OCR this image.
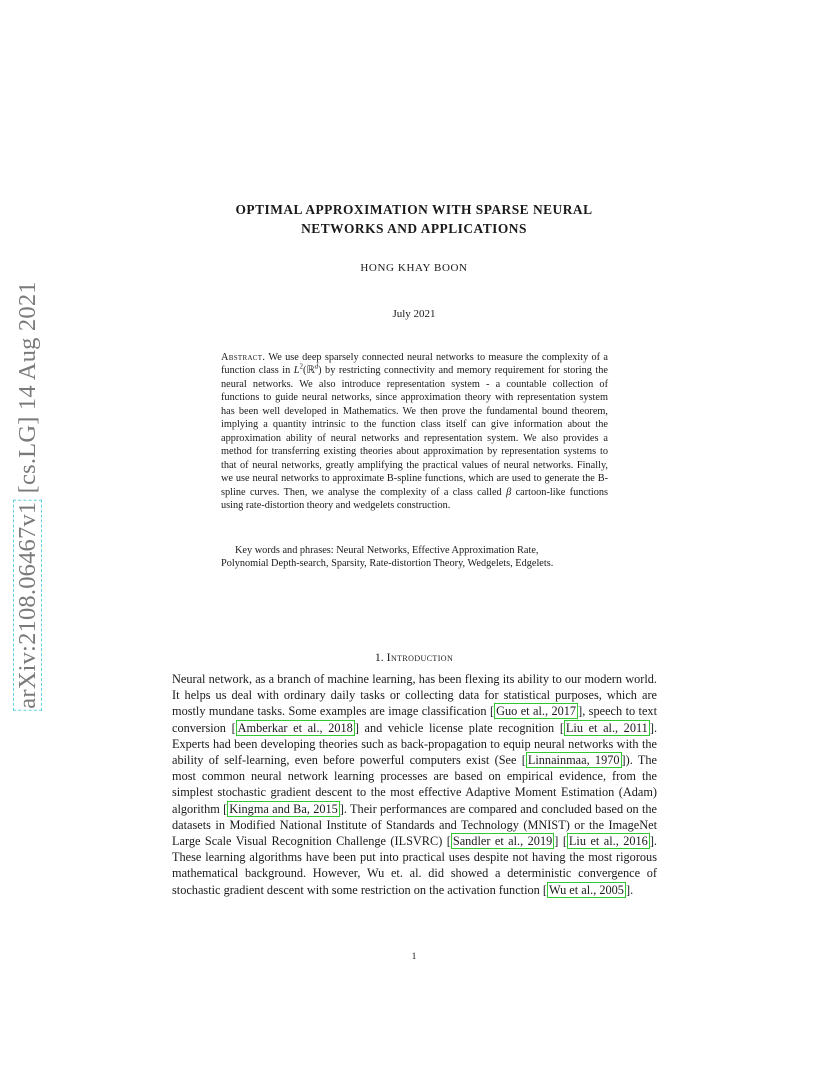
arXiv:2108.06467v1 [cs.LG] 14 Aug 2021
OPTIMAL APPROXIMATION WITH SPARSE NEURAL
NETWORKS AND APPLICATIONS
HONG KHAY BOON
July 2021
Abstract. We use deep sparsely connected neural networks to measure the complexity of a function class in $L^2(ℝ^d)$ by restricting connectivity and memory requirement for storing the neural networks. We also introduce representation system - a countable collection of functions to guide neural networks, since approximation theory with representation system has been well developed in Mathematics. We then prove the fundamental bound theorem, implying a quantity intrinsic to the function class itself can give information about the approximation ability of neural networks and representation system. We also provides a method for transferring existing theories about approximation by representation systems to that of neural networks, greatly amplifying the practical values of neural networks. Finally, we use neural networks to approximate B-spline functions, which are used to generate the B-spline curves. Then, we analyse the complexity of a class called β cartoon-like functions using rate-distortion theory and wedgelets construction.
Key words and phrases: Neural Networks, Effective Approximation Rate,
Polynomial Depth-search, Sparsity, Rate-distortion Theory, Wedgelets, Edgelets.
1. Introduction
Neural network, as a branch of machine learning, has been flexing its ability to our modern world. It helps us deal with ordinary daily tasks or collecting data for statistical purposes, which are mostly mundane tasks. Some examples are image classification [ Guo et al., 2017 ], speech to text conversion [ Amberkar et al., 2018 ] and vehicle license plate recognition [ Liu et al., 2011 ]. Experts had been developing theories such as back-propagation to equip neural networks with the ability of self-learning, even before powerful computers exist (See [ Linnainmaa, 1970 ]). The most common neural network learning processes are based on empirical evidence, from the simplest stochastic gradient descent to the most effective Adaptive Moment Estimation (Adam) algorithm [ Kingma and Ba, 2015 ]. Their performances are compared and concluded based on the datasets in Modified National Institute of Standards and Technology (MNIST) or the ImageNet Large Scale Visual Recognition Challenge (ILSVRC) [ Sandler et al., 2019 ] [ Liu et al., 2016 ]. These learning algorithms have been put into practical uses despite not having the most rigorous mathematical background. However, Wu et. al. did showed a deterministic convergence of stochastic gradient descent with some restriction on the activation function [ Wu et al., 2005 ].
1
